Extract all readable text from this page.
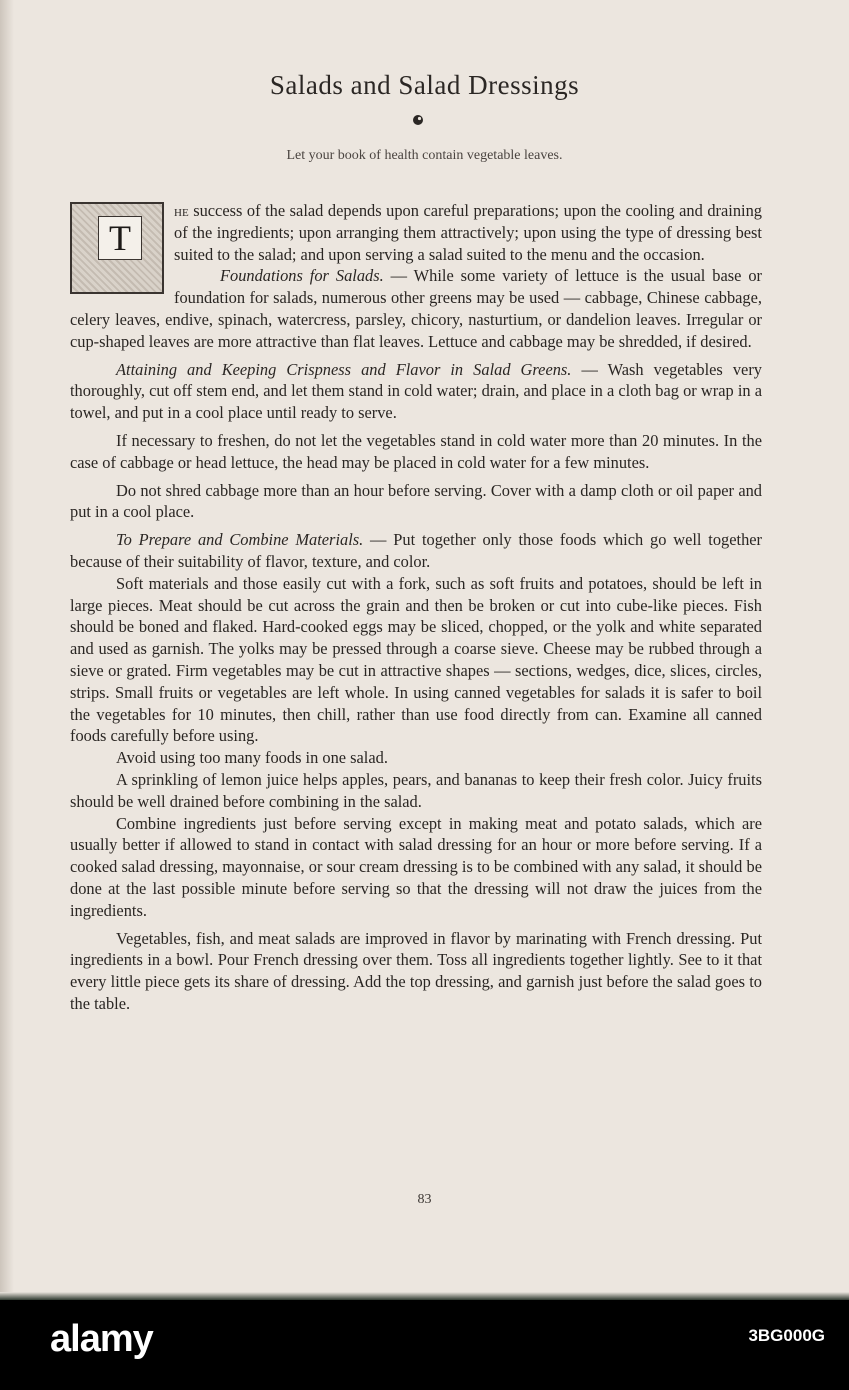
Salads and Salad Dressings
Let your book of health contain vegetable leaves.

T
he success of the salad depends upon careful preparations; upon the cooling and draining of the ingredients; upon arranging them attractively; upon using the type of dressing best suited to the salad; and upon serving a salad suited to the menu and the occasion.

Foundations for Salads. — While some variety of lettuce is the usual base or foundation for salads, numerous other greens may be used — cabbage, Chinese cabbage, celery leaves, endive, spinach, watercress, parsley, chicory, nasturtium, or dandelion leaves. Irregular or cup-shaped leaves are more attractive than flat leaves. Lettuce and cabbage may be shredded, if desired.

Attaining and Keeping Crispness and Flavor in Salad Greens. — Wash vegetables very thoroughly, cut off stem end, and let them stand in cold water; drain, and place in a cloth bag or wrap in a towel, and put in a cool place until ready to serve.

If necessary to freshen, do not let the vegetables stand in cold water more than 20 minutes. In the case of cabbage or head lettuce, the head may be placed in cold water for a few minutes.

Do not shred cabbage more than an hour before serving. Cover with a damp cloth or oil paper and put in a cool place.

To Prepare and Combine Materials. — Put together only those foods which go well together because of their suitability of flavor, texture, and color.

Soft materials and those easily cut with a fork, such as soft fruits and potatoes, should be left in large pieces. Meat should be cut across the grain and then be broken or cut into cube-like pieces. Fish should be boned and flaked. Hard-cooked eggs may be sliced, chopped, or the yolk and white separated and used as garnish. The yolks may be pressed through a coarse sieve. Cheese may be rubbed through a sieve or grated. Firm vegetables may be cut in attractive shapes — sections, wedges, dice, slices, circles, strips. Small fruits or vegetables are left whole. In using canned vegetables for salads it is safer to boil the vegetables for 10 minutes, then chill, rather than use food directly from can. Examine all canned foods carefully before using.

Avoid using too many foods in one salad.

A sprinkling of lemon juice helps apples, pears, and bananas to keep their fresh color. Juicy fruits should be well drained before combining in the salad.

Combine ingredients just before serving except in making meat and potato salads, which are usually better if allowed to stand in contact with salad dressing for an hour or more before serving. If a cooked salad dressing, mayonnaise, or sour cream dressing is to be combined with any salad, it should be done at the last possible minute before serving so that the dressing will not draw the juices from the ingredients.

Vegetables, fish, and meat salads are improved in flavor by marinating with French dressing. Put ingredients in a bowl. Pour French dressing over them. Toss all ingredients together lightly. See to it that every little piece gets its share of dressing. Add the top dressing, and garnish just before the salad goes to the table.

83
alamy	3BG000G
